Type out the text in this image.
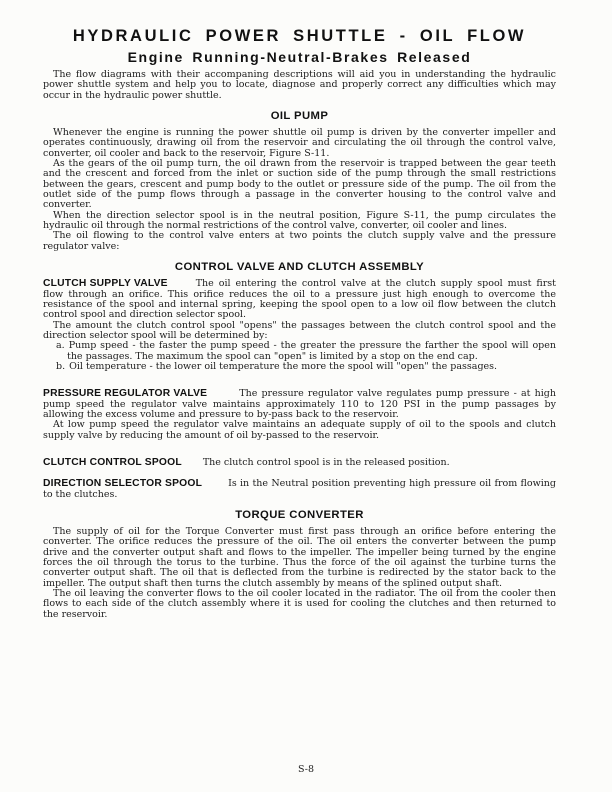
HYDRAULIC POWER SHUTTLE - OIL FLOW
Engine Running-Neutral-Brakes Released

The flow diagrams with their accompaning descriptions will aid you in understanding the hydraulic power shuttle system and help you to locate, diagnose and properly correct any difficulties which may occur in the hydraulic power shuttle.

OIL PUMP

Whenever the engine is running the power shuttle oil pump is driven by the converter impeller and operates continuously, drawing oil from the reservoir and circulating the oil through the control valve, converter, oil cooler and back to the reservoir, Figure S-11.

As the gears of the oil pump turn, the oil drawn from the reservoir is trapped between the gear teeth and the crescent and forced from the inlet or suction side of the pump through the small restrictions between the gears, crescent and pump body to the outlet or pressure side of the pump. The oil from the outlet side of the pump flows through a passage in the converter housing to the control valve and converter.

When the direction selector spool is in the neutral position, Figure S-11, the pump circulates the hydraulic oil through the normal restrictions of the control valve, converter, oil cooler and lines.

The oil flowing to the control valve enters at two points the clutch supply valve and the pressure regulator valve:

CONTROL VALVE AND CLUTCH ASSEMBLY

CLUTCH SUPPLY VALVE	The oil entering the control valve at the clutch supply spool must first flow through an orifice. This orifice reduces the oil to a pressure just high enough to overcome the resistance of the spool and internal spring, keeping the spool open to a low oil flow between the clutch control spool and direction selector spool.

The amount the clutch control spool "opens" the passages between the clutch control spool and the direction selector spool will be determined by:

a. Pump speed - the faster the pump speed - the greater the pressure the farther the spool will open the passages. The maximum the spool can "open" is limited by a stop on the end cap.

b. Oil temperature - the lower oil temperature the more the spool will "open" the passages.

PRESSURE REGULATOR VALVE	The pressure regulator valve regulates pump pressure - at high pump speed the regulator valve maintains approximately 110 to 120 PSI in the pump passages by allowing the excess volume and pressure to by-pass back to the reservoir.

At low pump speed the regulator valve maintains an adequate supply of oil to the spools and clutch supply valve by reducing the amount of oil by-passed to the reservoir.

CLUTCH CONTROL SPOOL The clutch control spool is in the released position.

DIRECTION SELECTOR SPOOL	Is in the Neutral position preventing high pressure oil from flowing to the clutches.

TORQUE CONVERTER

The supply of oil for the Torque Converter must first pass through an orifice before entering the converter. The orifice reduces the pressure of the oil. The oil enters the converter between the pump drive and the converter output shaft and flows to the impeller. The impeller being turned by the engine forces the oil through the torus to the turbine. Thus the force of the oil against the turbine turns the converter output shaft. The oil that is deflected from the turbine is redirected by the stator back to the impeller. The output shaft then turns the clutch assembly by means of the splined output shaft.

The oil leaving the converter flows to the oil cooler located in the radiator. The oil from the cooler then flows to each side of the clutch assembly where it is used for cooling the clutches and then returned to the reservoir.

S-8
